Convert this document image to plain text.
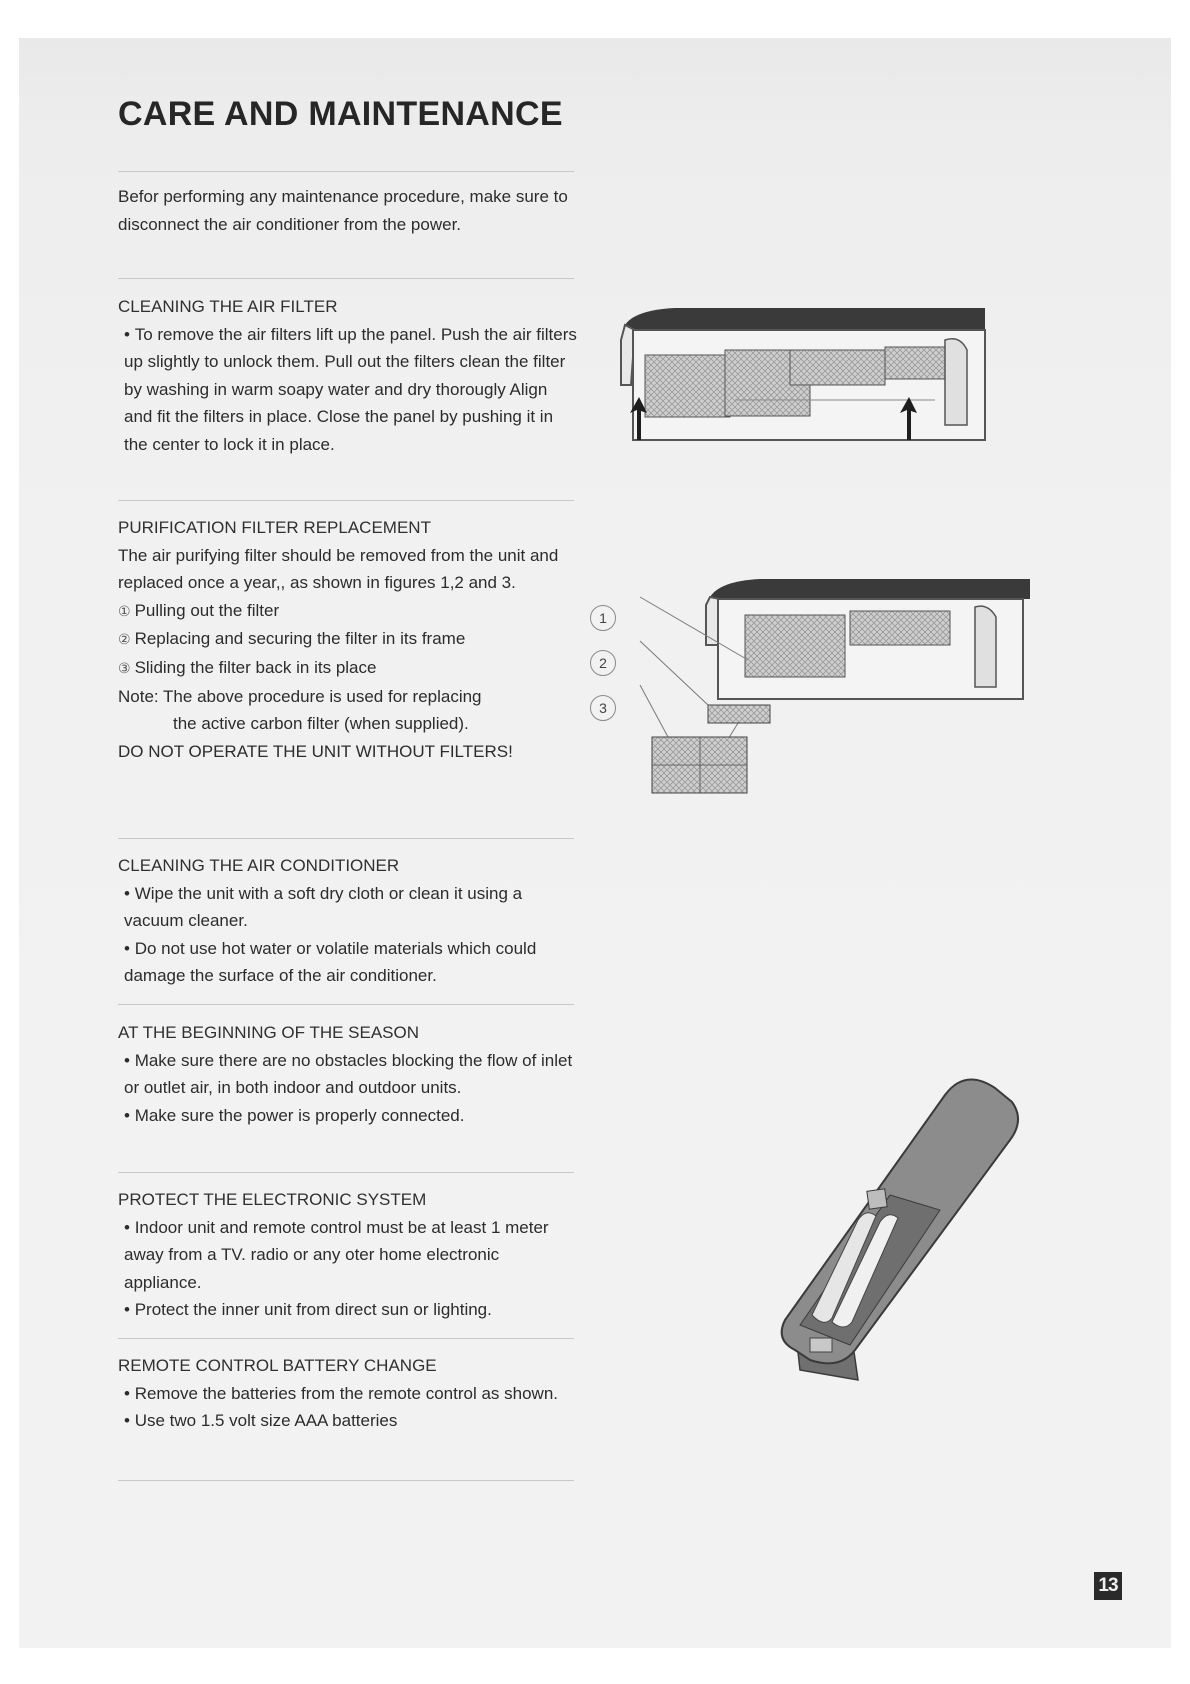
CARE AND MAINTENANCE

Befor performing any maintenance procedure, make sure to disconnect the air conditioner from the power.

CLEANING THE AIR FILTER

• To remove the air filters lift up the panel. Push the air filters up slightly to unlock them. Pull out the filters clean the filter by washing in warm soapy water and dry thorougly Align and fit the filters in place. Close the panel by pushing it in the center to lock it in place.

PURIFICATION FILTER REPLACEMENT

The air purifying filter should be removed from the unit and replaced once a year,, as shown in figures 1,2 and 3.

① Pulling out the filter

② Replacing and securing the filter in its frame

③ Sliding the filter back in its place

Note: The above procedure is used for replacing

the active carbon filter (when supplied).

DO NOT OPERATE THE UNIT WITHOUT FILTERS!

CLEANING THE AIR CONDITIONER

• Wipe the unit with a soft dry cloth or clean it using a vacuum cleaner.

• Do not use hot water or volatile materials which could damage the surface of the air conditioner.

AT THE BEGINNING OF THE SEASON

• Make sure there are no obstacles blocking the flow of inlet or outlet air, in both indoor and outdoor units.

• Make sure the power is properly connected.

PROTECT THE ELECTRONIC SYSTEM

• Indoor unit and remote control must be at least 1 meter away from a TV. radio or any oter home electronic appliance.

• Protect the inner unit from direct sun or lighting.

REMOTE CONTROL BATTERY CHANGE

• Remove the batteries from the remote control as shown.

• Use two 1.5 volt size AAA batteries

1
2
3
13
